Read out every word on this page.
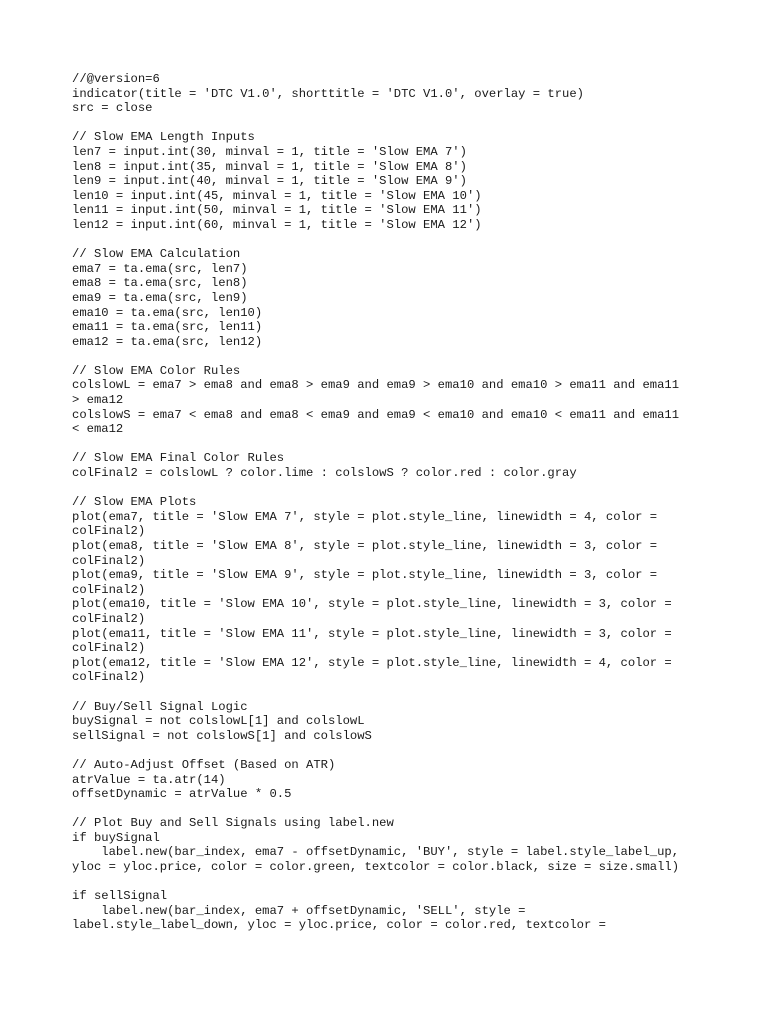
//@version=6
indicator(title = 'DTC V1.0', shorttitle = 'DTC V1.0', overlay = true)
src = close
// Slow EMA Length Inputs
len7 = input.int(30, minval = 1, title = 'Slow EMA 7')
len8 = input.int(35, minval = 1, title = 'Slow EMA 8')
len9 = input.int(40, minval = 1, title = 'Slow EMA 9')
len10 = input.int(45, minval = 1, title = 'Slow EMA 10')
len11 = input.int(50, minval = 1, title = 'Slow EMA 11')
len12 = input.int(60, minval = 1, title = 'Slow EMA 12')
// Slow EMA Calculation
ema7 = ta.ema(src, len7)
ema8 = ta.ema(src, len8)
ema9 = ta.ema(src, len9)
ema10 = ta.ema(src, len10)
ema11 = ta.ema(src, len11)
ema12 = ta.ema(src, len12)
// Slow EMA Color Rules
colslowL = ema7 > ema8 and ema8 > ema9 and ema9 > ema10 and ema10 > ema11 and ema11
> ema12
colslowS = ema7 < ema8 and ema8 < ema9 and ema9 < ema10 and ema10 < ema11 and ema11
< ema12
// Slow EMA Final Color Rules
colFinal2 = colslowL ? color.lime : colslowS ? color.red : color.gray
// Slow EMA Plots
plot(ema7, title = 'Slow EMA 7', style = plot.style_line, linewidth = 4, color =
colFinal2)
plot(ema8, title = 'Slow EMA 8', style = plot.style_line, linewidth = 3, color =
colFinal2)
plot(ema9, title = 'Slow EMA 9', style = plot.style_line, linewidth = 3, color =
colFinal2)
plot(ema10, title = 'Slow EMA 10', style = plot.style_line, linewidth = 3, color =
colFinal2)
plot(ema11, title = 'Slow EMA 11', style = plot.style_line, linewidth = 3, color =
colFinal2)
plot(ema12, title = 'Slow EMA 12', style = plot.style_line, linewidth = 4, color =
colFinal2)
// Buy/Sell Signal Logic
buySignal = not colslowL[1] and colslowL
sellSignal = not colslowS[1] and colslowS
// Auto-Adjust Offset (Based on ATR)
atrValue = ta.atr(14)
offsetDynamic = atrValue * 0.5
// Plot Buy and Sell Signals using label.new
if buySignal
label.new(bar_index, ema7 - offsetDynamic, 'BUY', style = label.style_label_up,
yloc = yloc.price, color = color.green, textcolor = color.black, size = size.small)
if sellSignal
label.new(bar_index, ema7 + offsetDynamic, 'SELL', style =
label.style_label_down, yloc = yloc.price, color = color.red, textcolor =
